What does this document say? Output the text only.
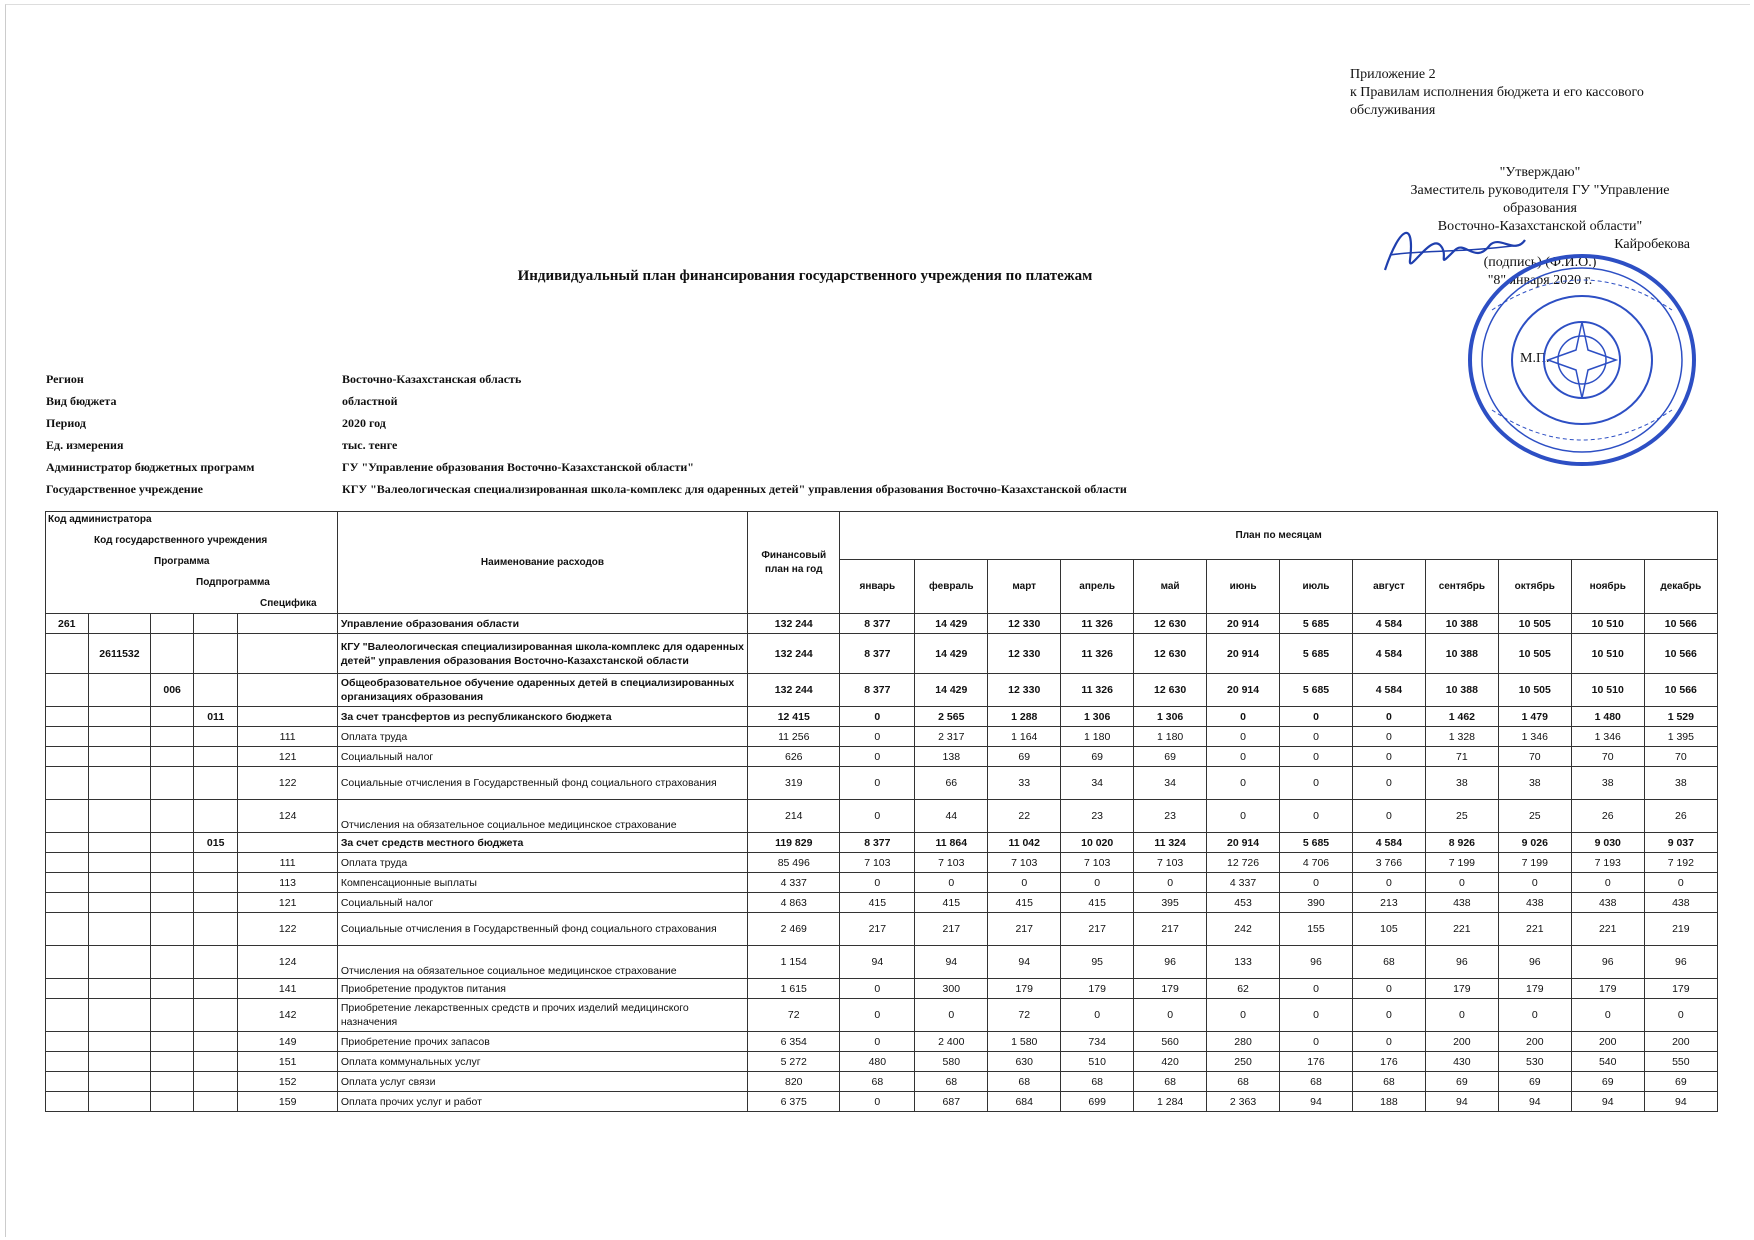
Приложение 2
к Правилам исполнения бюджета и его кассового
обслуживания
"Утверждаю"
Заместитель руководителя ГУ "Управление
образования
Восточно-Казахстанской области"
Кайробекова
(подпись) (Ф.И.О.)
"8" января 2020 г.
М.П.
Индивидуальный план финансирования государственного учреждения по платежам
Регион	Восточно-Казахстанская область
Вид бюджета	областной
Период	2020 год
Ед. измерения	тыс. тенге
Администратор бюджетных программ	ГУ "Управление образования Восточно-Казахстанской области"
Государственное учреждение	КГУ "Валеологическая специализированная школа-комплекс для одаренных детей" управления образования Восточно-Казахстанской области
Код администратора
Код государственного учреждения
Программа
Подпрограмма
Специфика					Наименование расходов	Финансовый план на год	План по месяцам											
							январь	февраль	март	апрель	май	июнь	июль	август	сентябрь	октябрь	ноябрь	декабрь
261					Управление образования области	132 244	8 377	14 429	12 330	11 326	12 630	20 914	5 685	4 584	10 388	10 505	10 510	10 566
	2611532				КГУ "Валеологическая специализированная школа-комплекс для одаренных детей" управления образования Восточно-Казахстанской области	132 244	8 377	14 429	12 330	11 326	12 630	20 914	5 685	4 584	10 388	10 505	10 510	10 566
		006			Общеобразовательное обучение одаренных детей в специализированных организациях образования	132 244	8 377	14 429	12 330	11 326	12 630	20 914	5 685	4 584	10 388	10 505	10 510	10 566
			011		За счет трансфертов из республиканского бюджета	12 415	0	2 565	1 288	1 306	1 306	0	0	0	1 462	1 479	1 480	1 529
				111	Оплата труда	11 256	0	2 317	1 164	1 180	1 180	0	0	0	1 328	1 346	1 346	1 395
				121	Социальный налог	626	0	138	69	69	69	0	0	0	71	70	70	70
				122	Социальные отчисления в Государственный фонд социального страхования	319	0	66	33	34	34	0	0	0	38	38	38	38
				124	Отчисления на обязательное социальное медицинское страхование	214	0	44	22	23	23	0	0	0	25	25	26	26
			015		За счет средств местного бюджета	119 829	8 377	11 864	11 042	10 020	11 324	20 914	5 685	4 584	8 926	9 026	9 030	9 037
				111	Оплата труда	85 496	7 103	7 103	7 103	7 103	7 103	12 726	4 706	3 766	7 199	7 199	7 193	7 192
				113	Компенсационные выплаты	4 337	0	0	0	0	0	4 337	0	0	0	0	0	0
				121	Социальный налог	4 863	415	415	415	415	395	453	390	213	438	438	438	438
				122	Социальные отчисления в Государственный фонд социального страхования	2 469	217	217	217	217	217	242	155	105	221	221	221	219
				124	Отчисления на обязательное социальное медицинское страхование	1 154	94	94	94	95	96	133	96	68	96	96	96	96
				141	Приобретение продуктов питания	1 615	0	300	179	179	179	62	0	0	179	179	179	179
				142	Приобретение лекарственных средств и прочих изделий медицинского назначения	72	0	0	72	0	0	0	0	0	0	0	0	0
				149	Приобретение прочих запасов	6 354	0	2 400	1 580	734	560	280	0	0	200	200	200	200
				151	Оплата коммунальных услуг	5 272	480	580	630	510	420	250	176	176	430	530	540	550
				152	Оплата услуг связи	820	68	68	68	68	68	68	68	68	69	69	69	69
				159	Оплата прочих услуг и работ	6 375	0	687	684	699	1 284	2 363	94	188	94	94	94	94
